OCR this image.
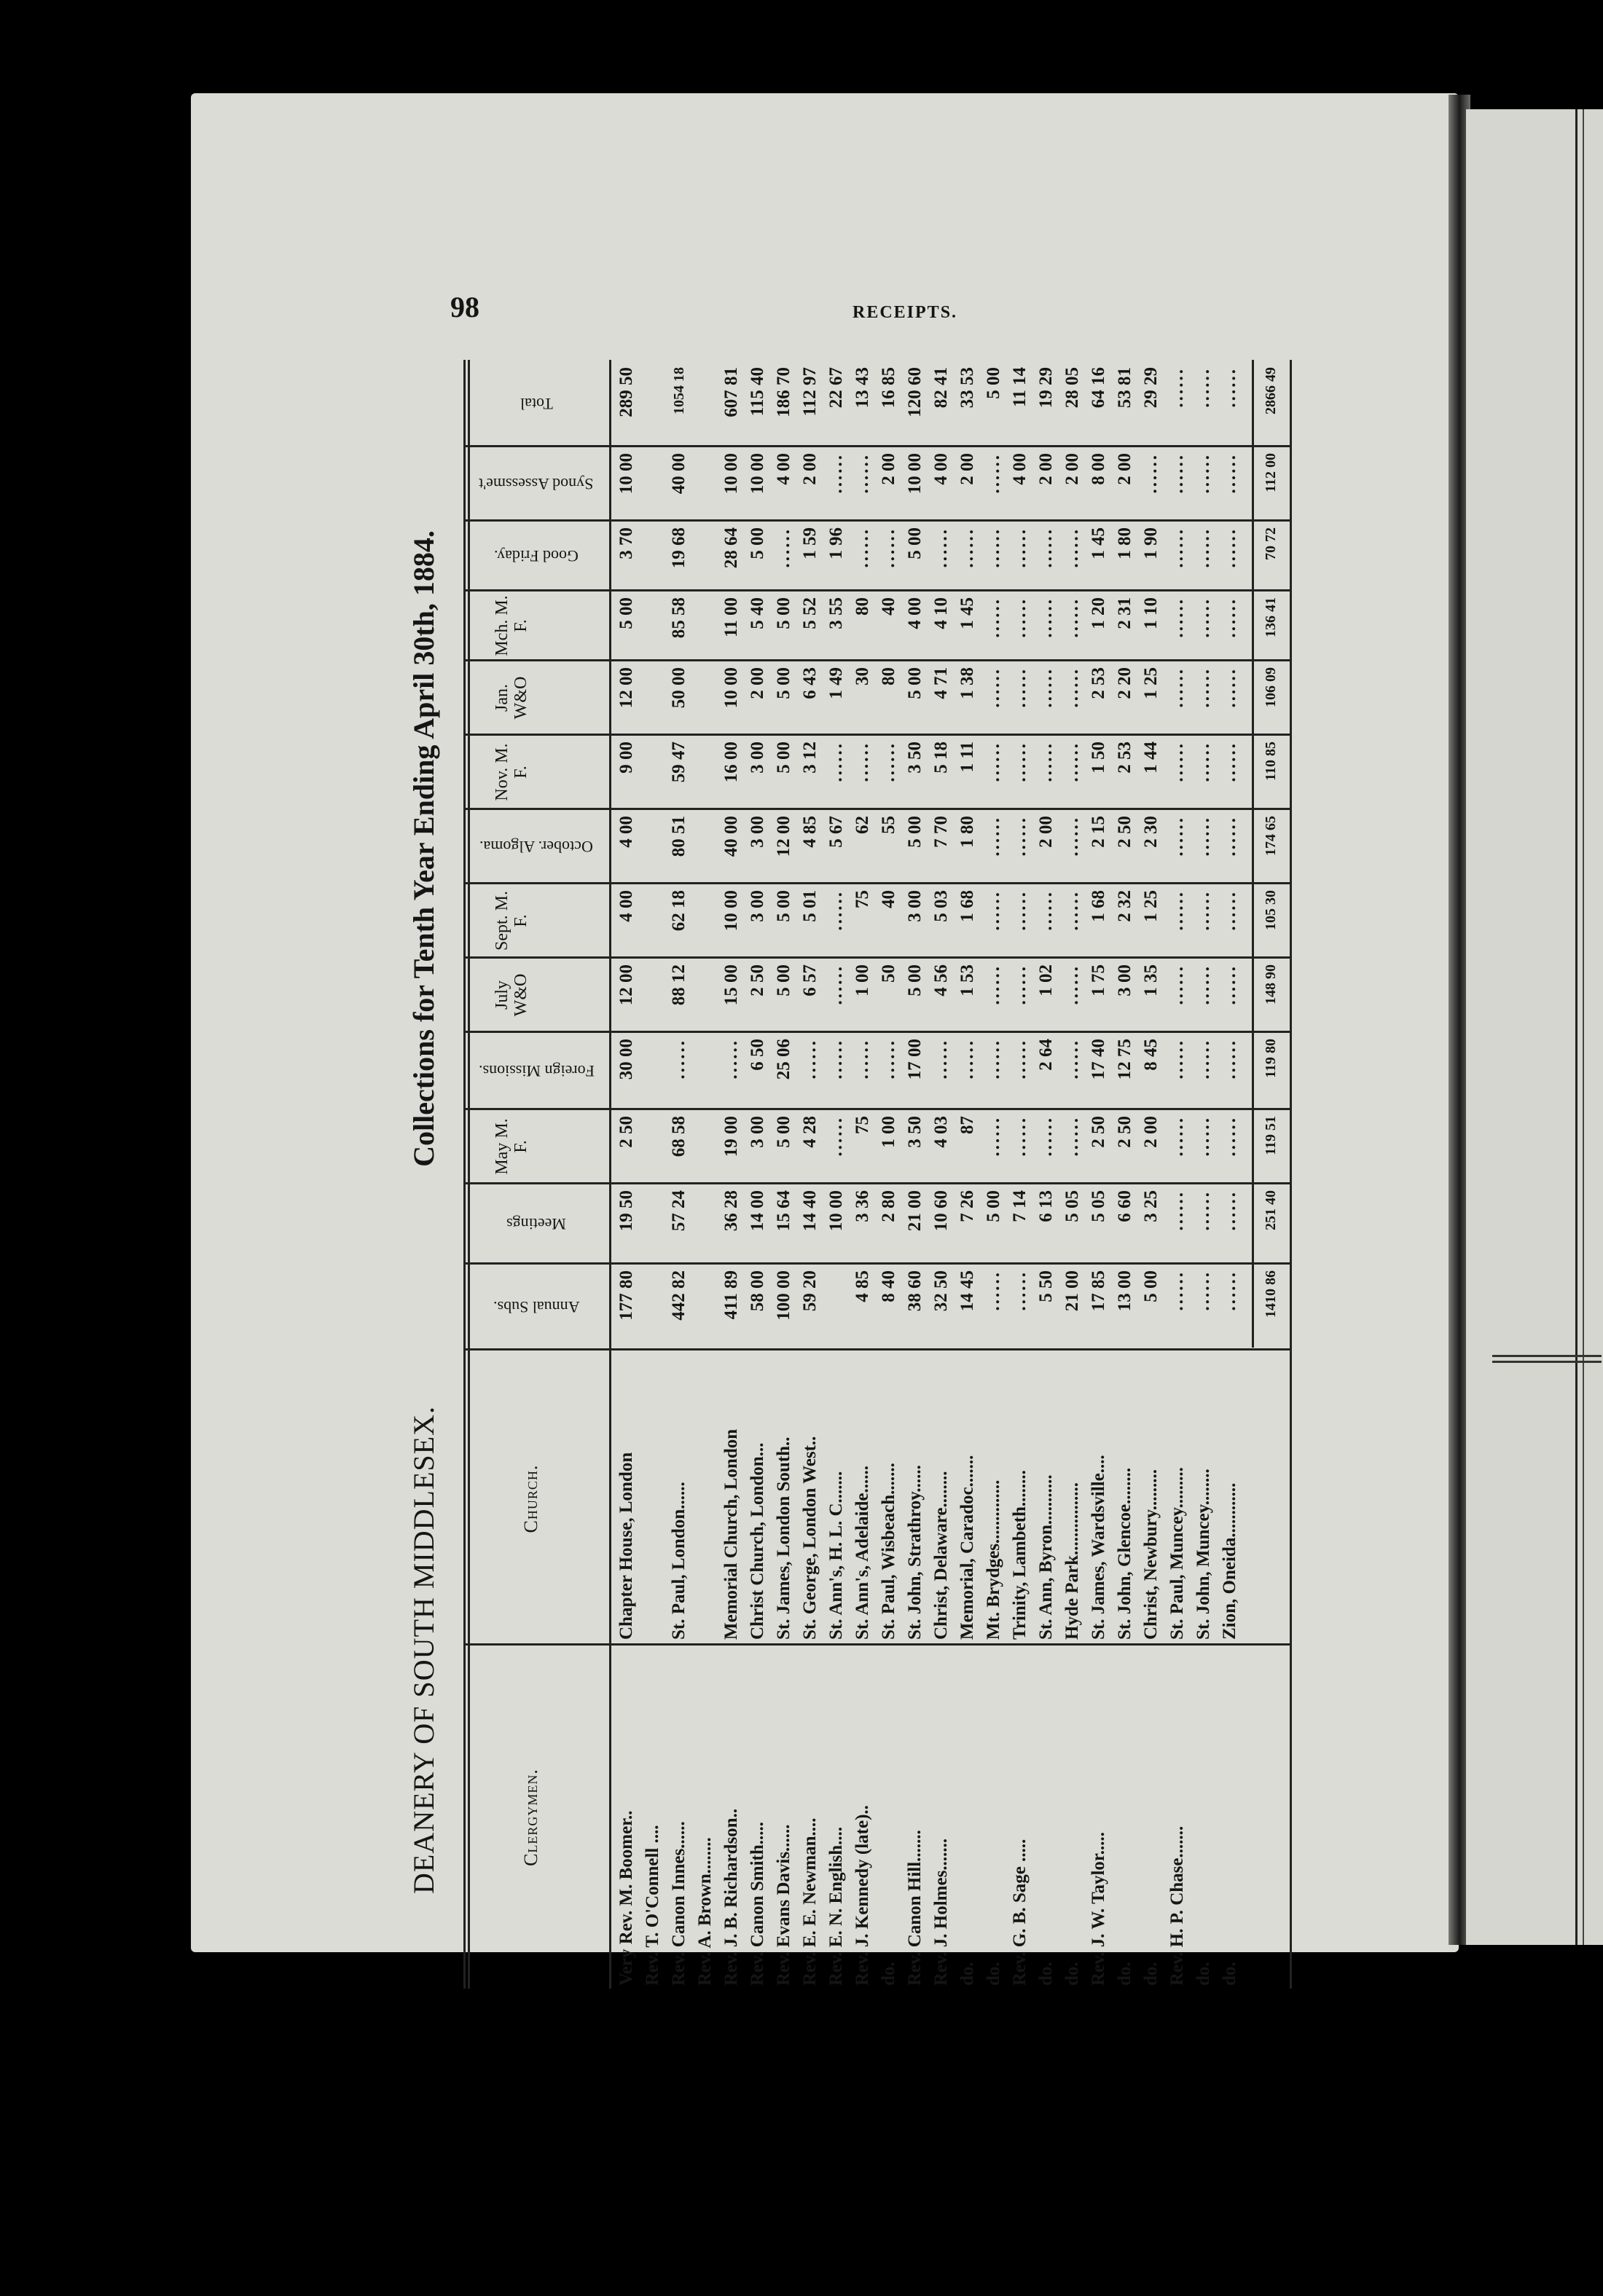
98	RECEIPTS.
DEANERY OF SOUTH MIDDLESEX.
Collections for Tenth Year Ending April 30th, 1884.
Clergymen.
Church.
Annual Subs.
Meetings
May M. F.
Foreign Missions.
July W&O
Sept. M. F.
October. Algoma.
Nov. M. F.
Jan. W&O
Mch. M. F.
Good Friday.
Synod Assessme't
Total
Very Rev. M. Boomer..
Chapter House, London
177 80
19 50
2 50
30 00
12 00
4 00
4 00
9 00
12 00
5 00
3 70
10 00
289 50
Rev. T. O'Connell .... Rev. Canon Innes......
St. Paul, London......
442 82
57 24
68 58
......
88 12
62 18
80 51
59 47
50 00
85 58
19 68
40 00
1054 18
Rev. A. Brown........ Rev. J. B. Richardson..
Memorial Church, London
411 89
36 28
19 00
......
15 00
10 00
40 00
16 00
10 00
11 00
28 64
10 00
607 81
Rev. Canon Smith.....
Christ Church, London...
58 00
14 00
3 00
6 50
2 50
3 00
3 00
3 00
2 00
5 40
5 00
10 00
115 40
Rev. Evans Davis......
St. James, London South..
100 00
15 64
5 00
25 06
5 00
5 00
12 00
5 00
5 00
5 00
......
4 00
186 70
Rev. E. E. Newman....
St. George, London West..
59 20
14 40
4 28
......
6 57
5 01
4 85
3 12
6 43
5 52
1 59
2 00
112 97
Rev. E. N. English....
St. Ann's, H. L. C.......
10 00
......
......
......
......
5 67
......
1 49
3 55
1 96
......
22 67
Rev. J. Kennedy (late)..
St. Ann's, Adelaide......
4 85
3 36
75
......
1 00
75
62
......
30
80
......
......
13 43
do.
St. Paul, Wisbeach.......
8 40
2 80
1 00
......
50
40
55
......
80
40
......
2 00
16 85
Rev. Canon Hill.......
St. John, Strathroy......
38 60
21 00
3 50
17 00
5 00
3 00
5 00
3 50
5 00
4 00
5 00
10 00
120 60
Rev. J. Holmes.......
Christ, Delaware........
32 50
10 60
4 03
......
4 56
5 03
7 70
5 18
4 71
4 10
......
4 00
82 41
do.
Memorial, Caradoc.......
14 45
7 26
87
......
1 53
1 68
1 80
1 11
1 38
1 45
......
2 00
33 53
do.
Mt. Brydges..............
......
5 00
......
......
......
......
......
......
......
......
......
......
5 00
Rev. G. B. Sage .....
Trinity, Lambeth........
......
7 14
......
......
......
......
......
......
......
......
......
4 00
11 14
do.
St. Ann, Byron...........
5 50
6 13
......
2 64
1 02
......
2 00
......
......
......
......
2 00
19 29
do.
Hyde Park................
21 00
5 05
......
......
......
......
......
......
......
......
......
2 00
28 05
Rev. J. W. Taylor.....
St. James, Wardsville....
17 85
5 05
2 50
17 40
1 75
1 68
2 15
1 50
2 53
1 20
1 45
8 00
64 16
do.
St. John, Glencoe........
13 00
6 60
2 50
12 75
3 00
2 32
2 50
2 53
2 20
2 31
1 80
2 00
53 81
do.
Christ, Newbury.........
5 00
3 25
2 00
8 45
1 35
1 25
2 30
1 44
1 25
1 10
1 90
......
29 29
Rev. H. P. Chase.......
St. Paul, Muncey.........
......
......
......
......
......
......
......
......
......
......
......
......
......
do.
St. John, Muncey........
......
......
......
......
......
......
......
......
......
......
......
......
......
do.
Zion, Oneida............
......
......
......
......
......
......
......
......
......
......
......
......
......
1410 86
251 40
119 51
119 80
148 90
105 30
174 65
110 85
106 09
136 41
70 72
112 00
2866 49
